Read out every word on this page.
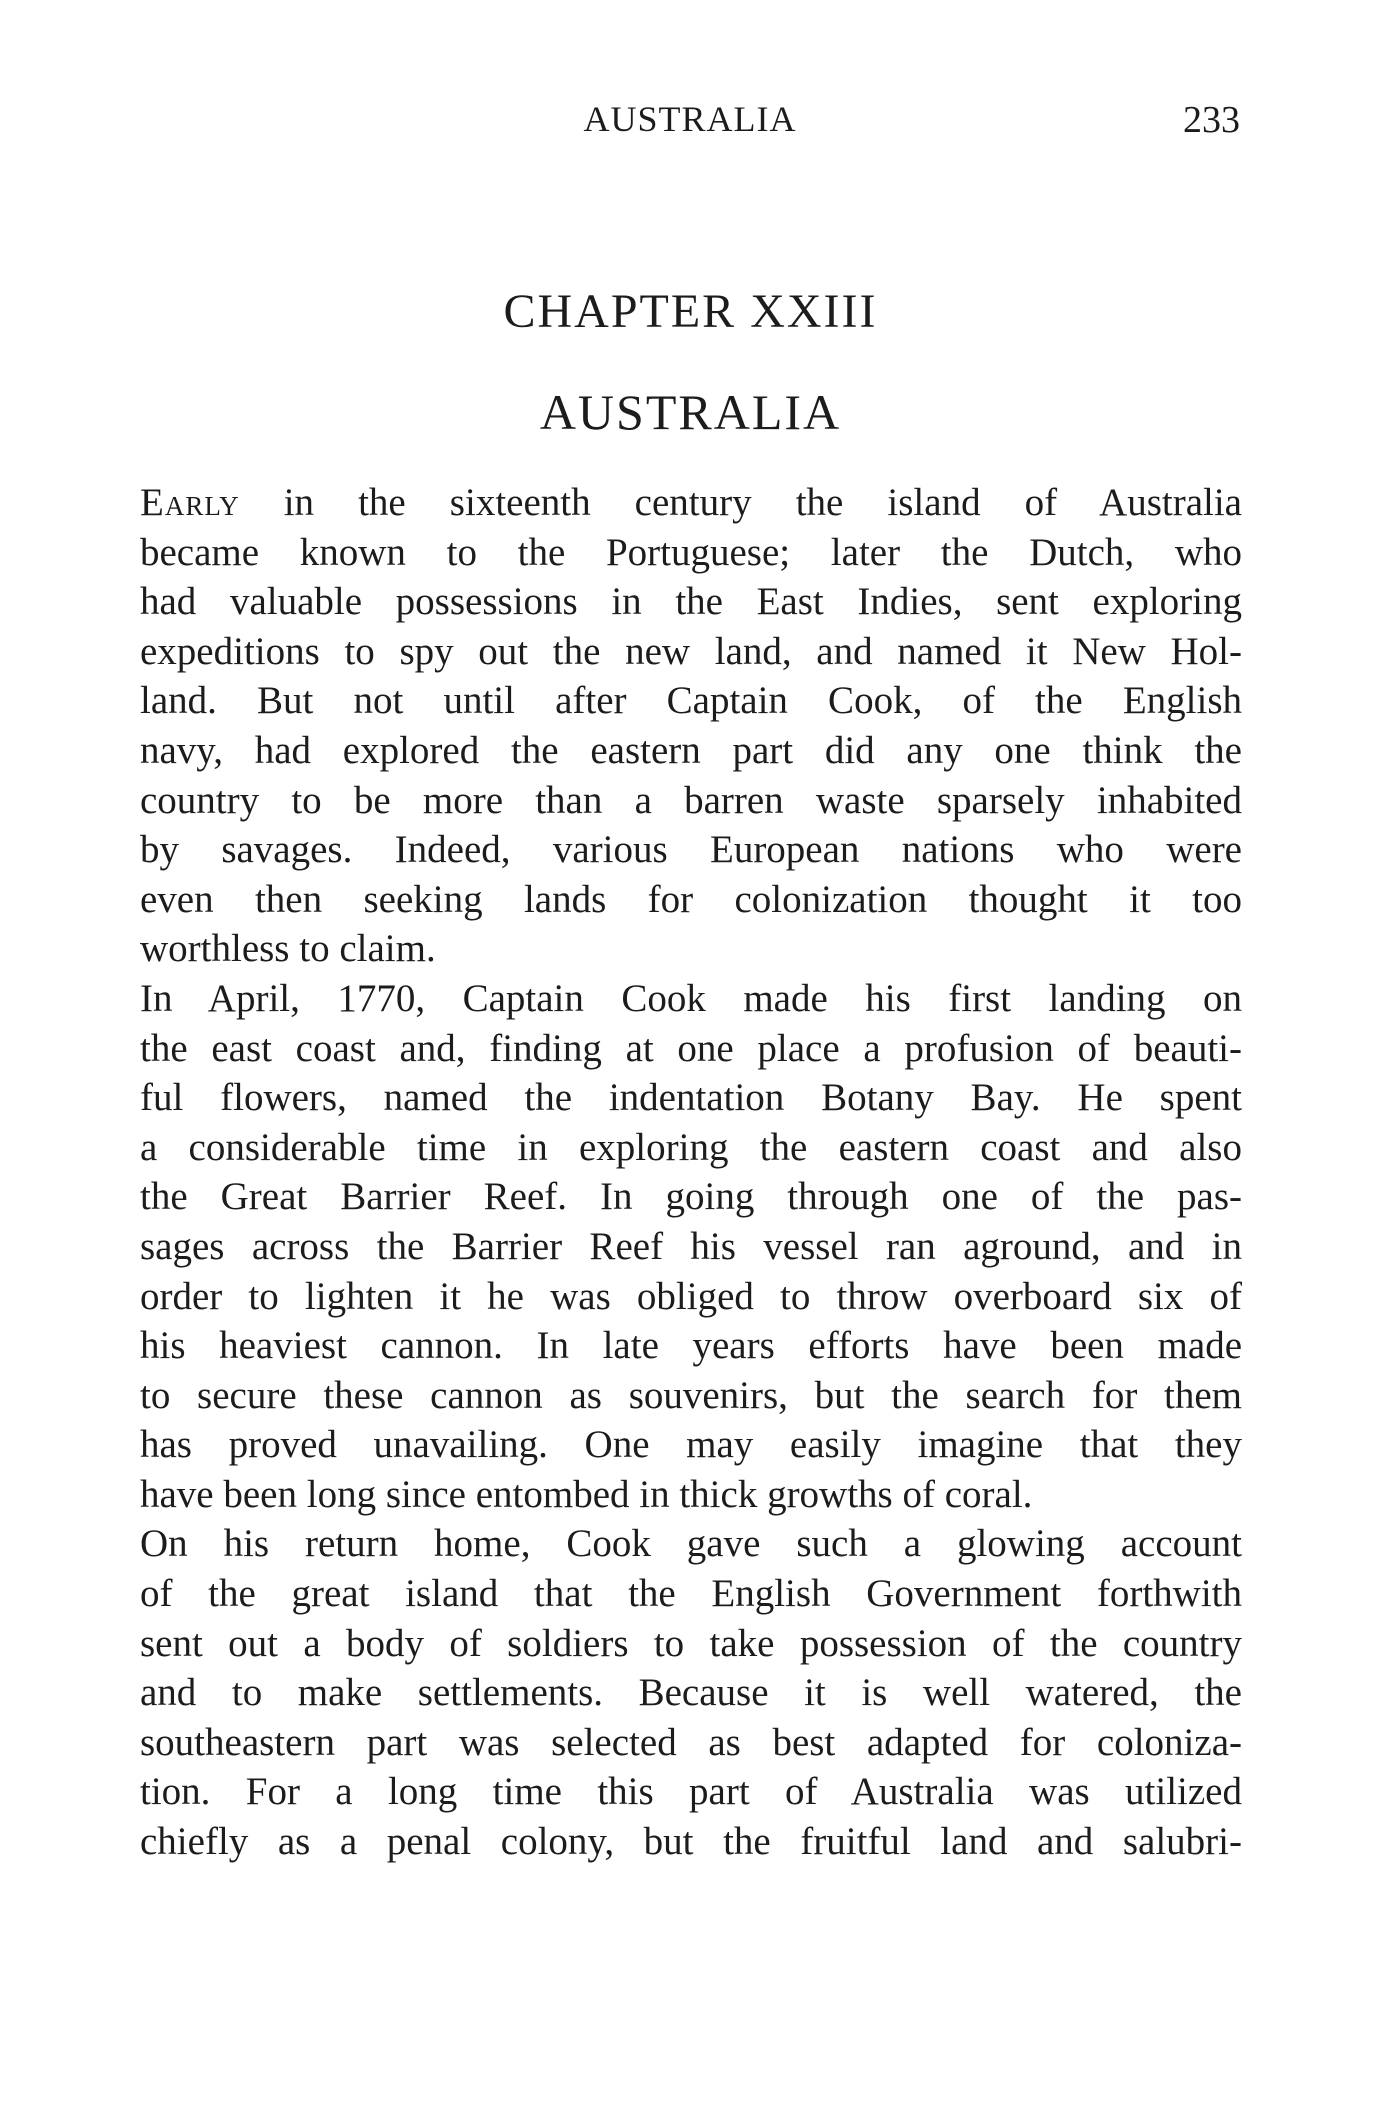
AUSTRALIA	233
CHAPTER XXIII
AUSTRALIA
Early in the sixteenth century the island of Australia
became known to the Portuguese; later the Dutch, who
had valuable possessions in the East Indies, sent exploring
expeditions to spy out the new land, and named it New Hol-
land. But not until after Captain Cook, of the English
navy, had explored the eastern part did any one think the
country to be more than a barren waste sparsely inhabited
by savages. Indeed, various European nations who were
even then seeking lands for colonization thought it too
worthless to claim.
In April, 1770, Captain Cook made his first landing on
the east coast and, finding at one place a profusion of beauti-
ful flowers, named the indentation Botany Bay. He spent
a considerable time in exploring the eastern coast and also
the Great Barrier Reef. In going through one of the pas-
sages across the Barrier Reef his vessel ran aground, and in
order to lighten it he was obliged to throw overboard six of
his heaviest cannon. In late years efforts have been made
to secure these cannon as souvenirs, but the search for them
has proved unavailing. One may easily imagine that they
have been long since entombed in thick growths of coral.
On his return home, Cook gave such a glowing account
of the great island that the English Government forthwith
sent out a body of soldiers to take possession of the country
and to make settlements. Because it is well watered, the
southeastern part was selected as best adapted for coloniza-
tion. For a long time this part of Australia was utilized
chiefly as a penal colony, but the fruitful land and salubri-
